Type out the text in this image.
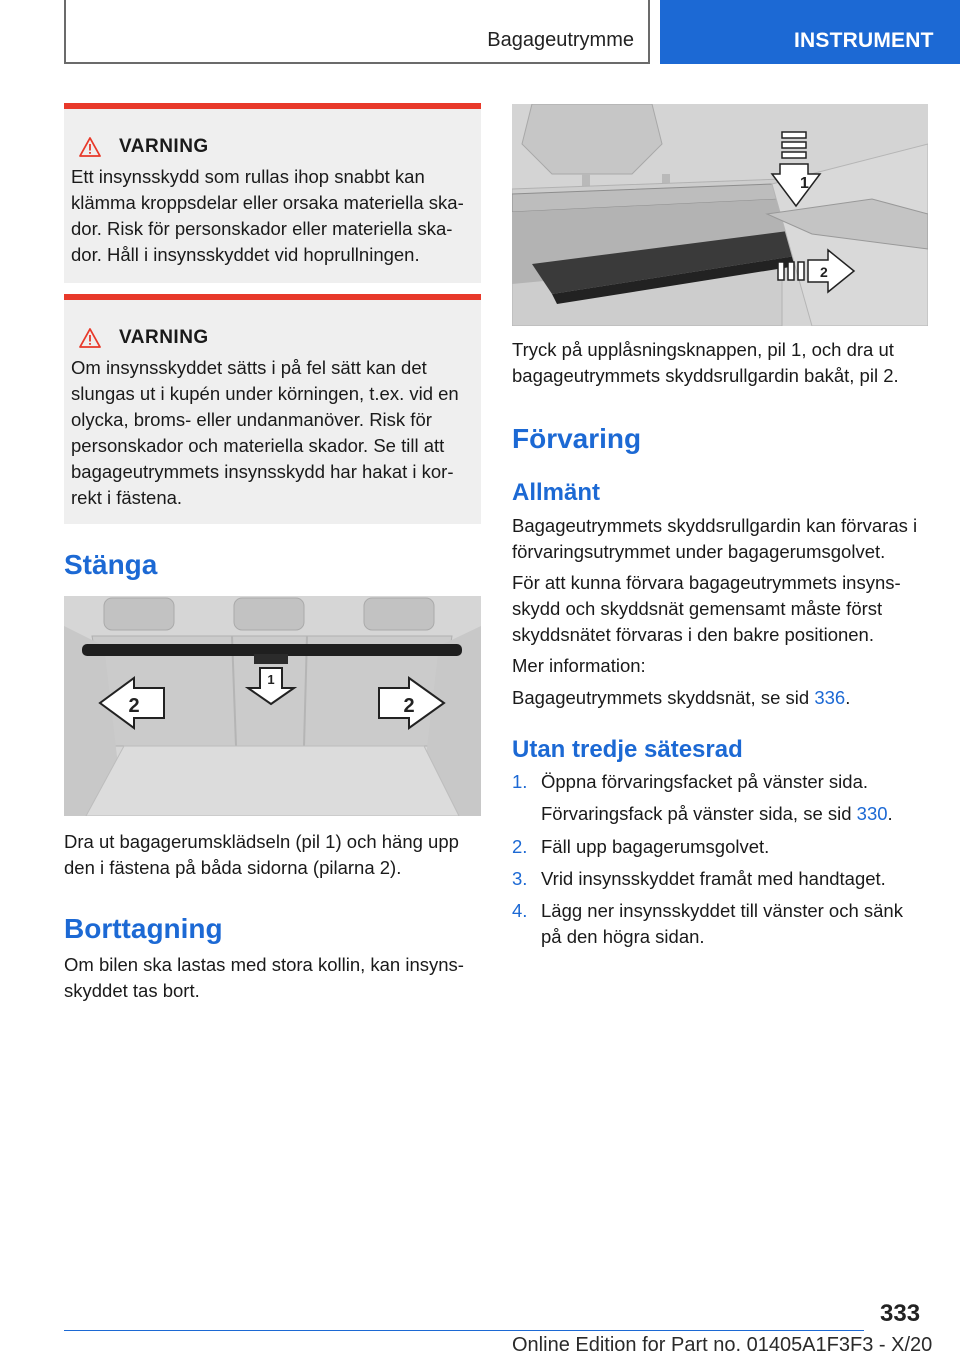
Bagageutrymme	INSTRUMENT
VARNING
Ett insynsskydd som rullas ihop snabbt kan
klämma kroppsdelar eller orsaka materiella ska‐
dor. Risk för personskador eller materiella ska‐
dor. Håll i insynsskyddet vid hoprullningen.
VARNING
Om insynsskyddet sätts i på fel sätt kan det
slungas ut i kupén under körningen, t.ex. vid en
olycka, broms- eller undanmanöver. Risk för
personskador och materiella skador. Se till att
bagageutrymmets insynsskydd har hakat i kor‐
rekt i fästena.
Stänga
1
2	2
Dra ut bagagerumsklädseln (pil 1) och häng upp
den i fästena på båda sidorna (pilarna 2).
Borttagning
Om bilen ska lastas med stora kollin, kan insyns‐
skyddet tas bort.
1
2
Tryck på upplåsningsknappen, pil 1, och dra ut
bagageutrymmets skyddsrullgardin bakåt, pil 2.
Förvaring
Allmänt
Bagageutrymmets skyddsrullgardin kan förvaras i
förvaringsutrymmet under bagagerumsgolvet.
För att kunna förvara bagageutrymmets insyns‐
skydd och skyddsnät gemensamt måste först
skyddsnätet förvaras i den bakre positionen.
Mer information:
Bagageutrymmets skyddsnät, se sid 336.
Utan tredje sätesrad
1. Öppna förvaringsfacket på vänster sida.
Förvaringsfack på vänster sida, se sid 330.
2. Fäll upp bagagerumsgolvet.
3. Vrid insynsskyddet framåt med handtaget.
4. Lägg ner insynsskyddet till vänster och sänk
på den högra sidan.
333
Online Edition for Part no. 01405A1F3F3 - X/20
